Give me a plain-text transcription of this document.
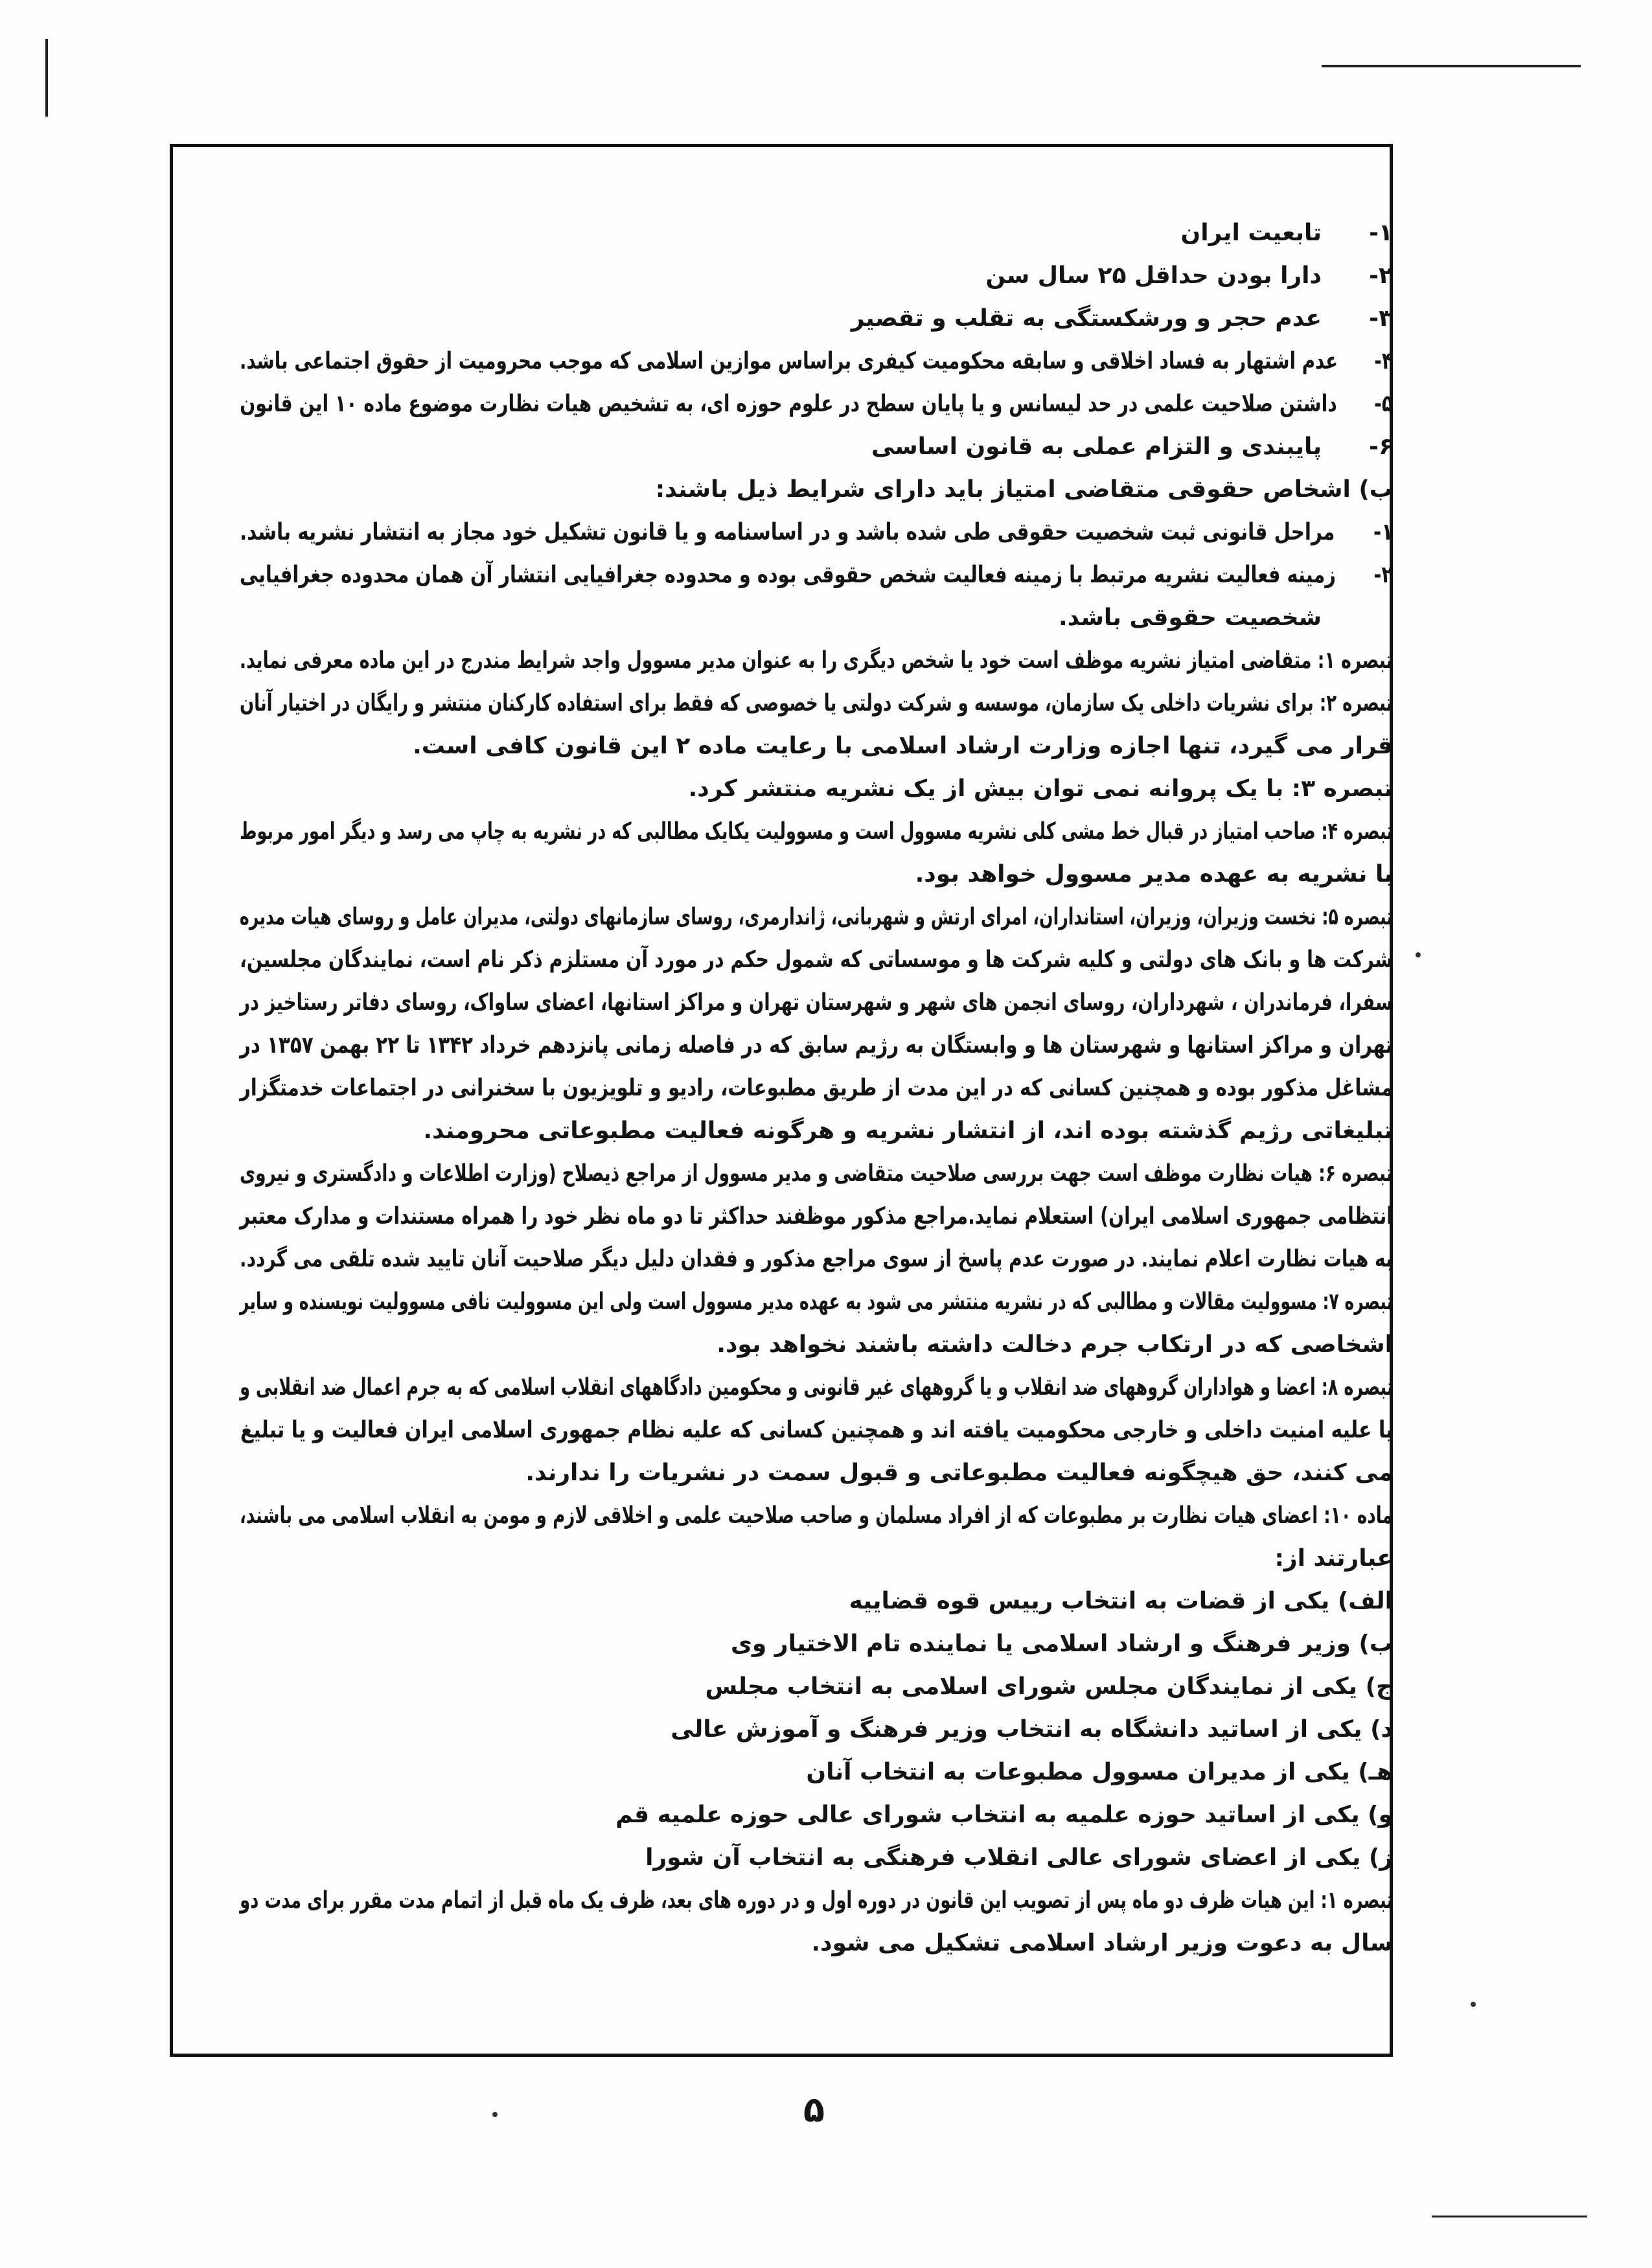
۱-تابعیت ایران
۲-دارا بودن حداقل ۲۵ سال سن
۳-عدم حجر و ورشکستگی به تقلب و تقصیر
۴-عدم اشتهار به فساد اخلاقی و سابقه محکومیت کیفری براساس موازین اسلامی که موجب محرومیت از حقوق اجتماعی باشد.
۵-داشتن صلاحیت علمی در حد لیسانس و یا پایان سطح در علوم حوزه ای، به تشخیص هیات نظارت موضوع ماده ۱۰ این قانون
۶-پایبندی و التزام عملی به قانون اساسی
ب) اشخاص حقوقی متقاضی امتیاز باید دارای شرایط ذیل باشند:
۱-مراحل قانونی ثبت شخصیت حقوقی طی شده باشد و در اساسنامه و یا قانون تشکیل خود مجاز به انتشار نشریه باشد.
۲-زمینه فعالیت نشریه مرتبط با زمینه فعالیت شخص حقوقی بوده و محدوده جغرافیایی انتشار آن همان محدوده جغرافیایی
شخصیت حقوقی باشد.
تبصره ۱: متقاضی امتیاز نشریه موظف است خود یا شخص دیگری را به عنوان مدیر مسوول واجد شرایط مندرج در این ماده معرفی نماید.
تبصره ۲: برای نشریات داخلی یک سازمان، موسسه و شرکت دولتی یا خصوصی که فقط برای استفاده کارکنان منتشر و رایگان در اختیار آنان
قرار می گیرد، تنها اجازه وزارت ارشاد اسلامی با رعایت ماده ۲ این قانون کافی است.
تبصره ۳: با یک پروانه نمی توان بیش از یک نشریه منتشر کرد.
تبصره ۴: صاحب امتیاز در قبال خط مشی کلی نشریه مسوول است و مسوولیت یکایک مطالبی که در نشریه به چاپ می رسد و دیگر امور مربوط
با نشریه به عهده مدیر مسوول خواهد بود.
تبصره ۵: نخست وزیران، وزیران، استانداران، امرای ارتش و شهربانی، ژاندارمری، روسای سازمانهای دولتی، مدیران عامل و روسای هیات مدیره
شرکت ها و بانک های دولتی و کلیه شرکت ها و موسساتی که شمول حکم در مورد آن مستلزم ذکر نام است، نمایندگان مجلسین،
سفرا، فرماندران ، شهرداران، روسای انجمن های شهر و شهرستان تهران و مراکز استانها، اعضای ساواک، روسای دفاتر رستاخیز در
تهران و مراکز استانها و شهرستان ها و وابستگان به رژیم سابق که در فاصله زمانی پانزدهم خرداد ۱۳۴۲ تا ۲۲ بهمن ۱۳۵۷ در
مشاغل مذکور بوده و همچنین کسانی که در این مدت از طریق مطبوعات، رادیو و تلویزیون با سخنرانی در اجتماعات خدمتگزار
تبلیغاتی رژیم گذشته بوده اند، از انتشار نشریه و هرگونه فعالیت مطبوعاتی محرومند.
تبصره ۶: هیات نظارت موظف است جهت بررسی صلاحیت متقاضی و مدیر مسوول از مراجع ذیصلاح (وزارت اطلاعات و دادگستری و نیروی
انتظامی جمهوری اسلامی ایران) استعلام نماید.مراجع مذکور موظفند حداکثر تا دو ماه نظر خود را همراه مستندات و مدارک معتبر
به هیات نظارت اعلام نمایند. در صورت عدم پاسخ از سوی مراجع مذکور و فقدان دلیل دیگر صلاحیت آنان تایید شده تلقی می گردد.
تبصره ۷: مسوولیت مقالات و مطالبی که در نشریه منتشر می شود به عهده مدیر مسوول است ولی این مسوولیت نافی مسوولیت نویسنده و سایر
اشخاصی که در ارتکاب جرم دخالت داشته باشند نخواهد بود.
تبصره ۸: اعضا و هواداران گروههای ضد انقلاب و یا گروههای غیر قانونی و محکومین دادگاههای انقلاب اسلامی که به جرم اعمال ضد انقلابی و
یا علیه امنیت داخلی و خارجی محکومیت یافته اند و همچنین کسانی که علیه نظام جمهوری اسلامی ایران فعالیت و یا تبلیغ
می کنند، حق هیچگونه فعالیت مطبوعاتی و قبول سمت در نشریات را ندارند.
ماده ۱۰: اعضای هیات نظارت بر مطبوعات که از افراد مسلمان و صاحب صلاحیت علمی و اخلاقی لازم و مومن به انقلاب اسلامی می باشند،
عبارتند از:
الف) یکی از قضات به انتخاب رییس قوه قضاییه
ب) وزیر فرهنگ و ارشاد اسلامی یا نماینده تام الاختیار وی
ج) یکی از نمایندگان مجلس شورای اسلامی به انتخاب مجلس
د) یکی از اساتید دانشگاه به انتخاب وزیر فرهنگ و آموزش عالی
هـ) یکی از مدیران مسوول مطبوعات به انتخاب آنان
و) یکی از اساتید حوزه علمیه به انتخاب شورای عالی حوزه علمیه قم
ز) یکی از اعضای شورای عالی انقلاب فرهنگی به انتخاب آن شورا
تبصره ۱: این هیات ظرف دو ماه پس از تصویب این قانون در دوره اول و در دوره های بعد، ظرف یک ماه قبل از اتمام مدت مقرر برای مدت دو
سال به دعوت وزیر ارشاد اسلامی تشکیل می شود.
۵
